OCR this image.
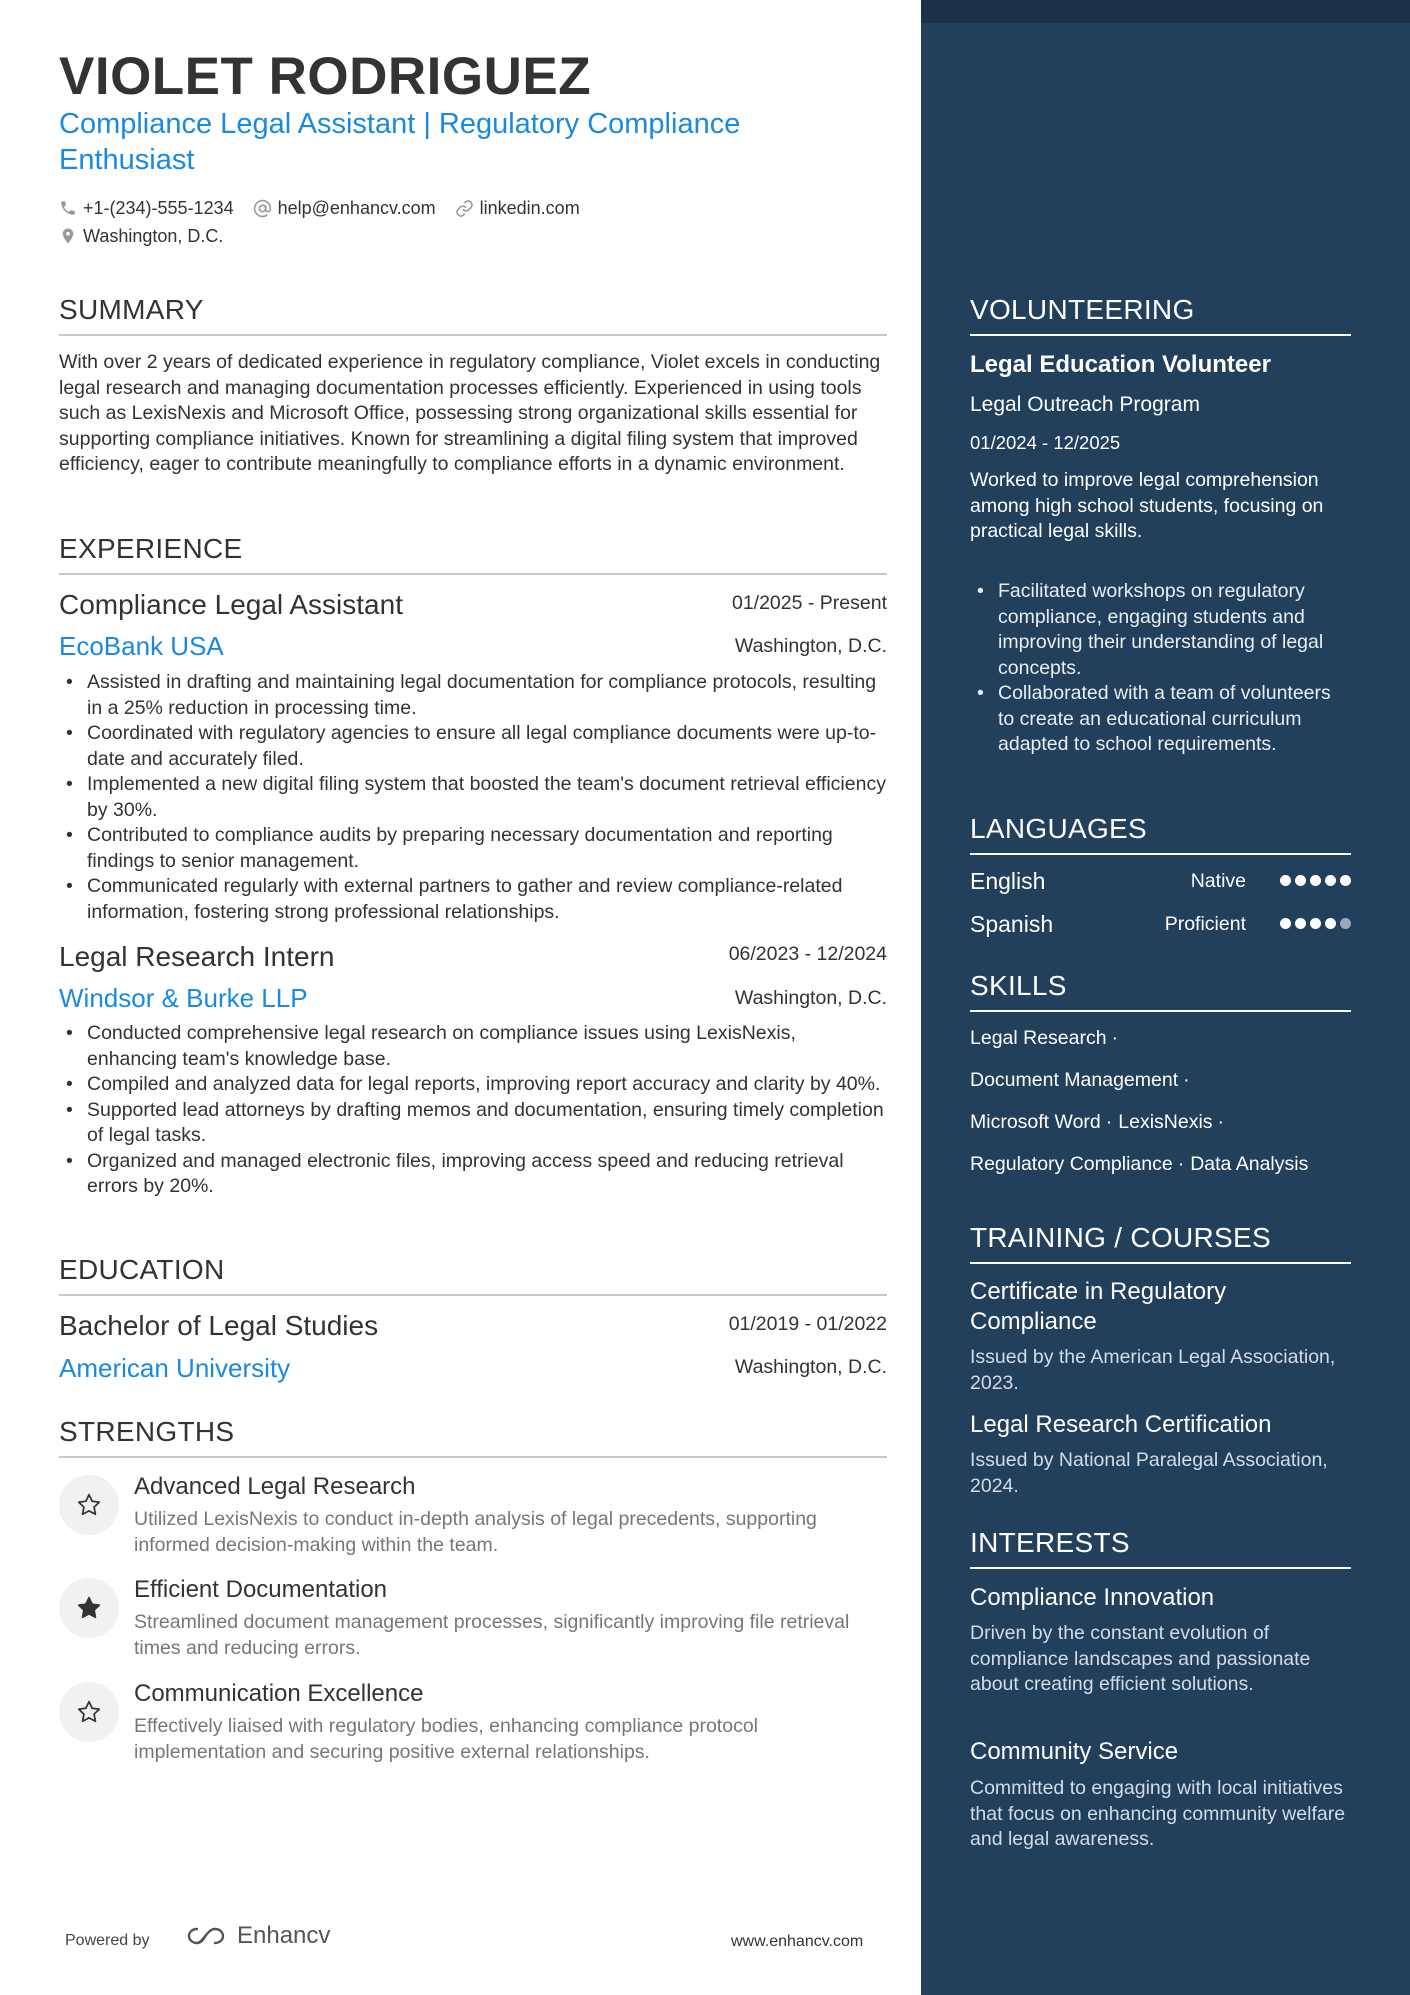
VIOLET RODRIGUEZ
Compliance Legal Assistant | Regulatory Compliance Enthusiast
+1-(234)-555-1234 help@enhancv.com linkedin.com
Washington, D.C.
SUMMARY
With over 2 years of dedicated experience in regulatory compliance, Violet excels in conducting legal research and managing documentation processes efficiently. Experienced in using tools such as LexisNexis and Microsoft Office, possessing strong organizational skills essential for supporting compliance initiatives. Known for streamlining a digital filing system that improved efficiency, eager to contribute meaningfully to compliance efforts in a dynamic environment.
EXPERIENCE
Compliance Legal Assistant	01/2025 - Present
EcoBank USA	Washington, D.C.
• Assisted in drafting and maintaining legal documentation for compliance protocols, resulting in a 25% reduction in processing time.
• Coordinated with regulatory agencies to ensure all legal compliance documents were up-to-date and accurately filed.
• Implemented a new digital filing system that boosted the team's document retrieval efficiency by 30%.
• Contributed to compliance audits by preparing necessary documentation and reporting findings to senior management.
• Communicated regularly with external partners to gather and review compliance-related information, fostering strong professional relationships.
Legal Research Intern	06/2023 - 12/2024
Windsor & Burke LLP	Washington, D.C.
• Conducted comprehensive legal research on compliance issues using LexisNexis, enhancing team's knowledge base.
• Compiled and analyzed data for legal reports, improving report accuracy and clarity by 40%.
• Supported lead attorneys by drafting memos and documentation, ensuring timely completion of legal tasks.
• Organized and managed electronic files, improving access speed and reducing retrieval errors by 20%.
EDUCATION
Bachelor of Legal Studies	01/2019 - 01/2022
American University	Washington, D.C.
STRENGTHS
Advanced Legal Research
Utilized LexisNexis to conduct in-depth analysis of legal precedents, supporting informed decision-making within the team.
Efficient Documentation
Streamlined document management processes, significantly improving file retrieval times and reducing errors.
Communication Excellence
Effectively liaised with regulatory bodies, enhancing compliance protocol implementation and securing positive external relationships.
Powered by	Enhancv	www.enhancv.com
VOLUNTEERING
Legal Education Volunteer
Legal Outreach Program
01/2024 - 12/2025
Worked to improve legal comprehension among high school students, focusing on practical legal skills.
• Facilitated workshops on regulatory compliance, engaging students and improving their understanding of legal concepts.
• Collaborated with a team of volunteers to create an educational curriculum adapted to school requirements.
LANGUAGES
English	Native
Spanish	Proficient
SKILLS
Legal Research ·
Document Management ·
Microsoft Word · LexisNexis ·
Regulatory Compliance · Data Analysis
TRAINING / COURSES
Certificate in Regulatory Compliance
Issued by the American Legal Association, 2023.
Legal Research Certification
Issued by National Paralegal Association, 2024.
INTERESTS
Compliance Innovation
Driven by the constant evolution of compliance landscapes and passionate about creating efficient solutions.
Community Service
Committed to engaging with local initiatives that focus on enhancing community welfare and legal awareness.
